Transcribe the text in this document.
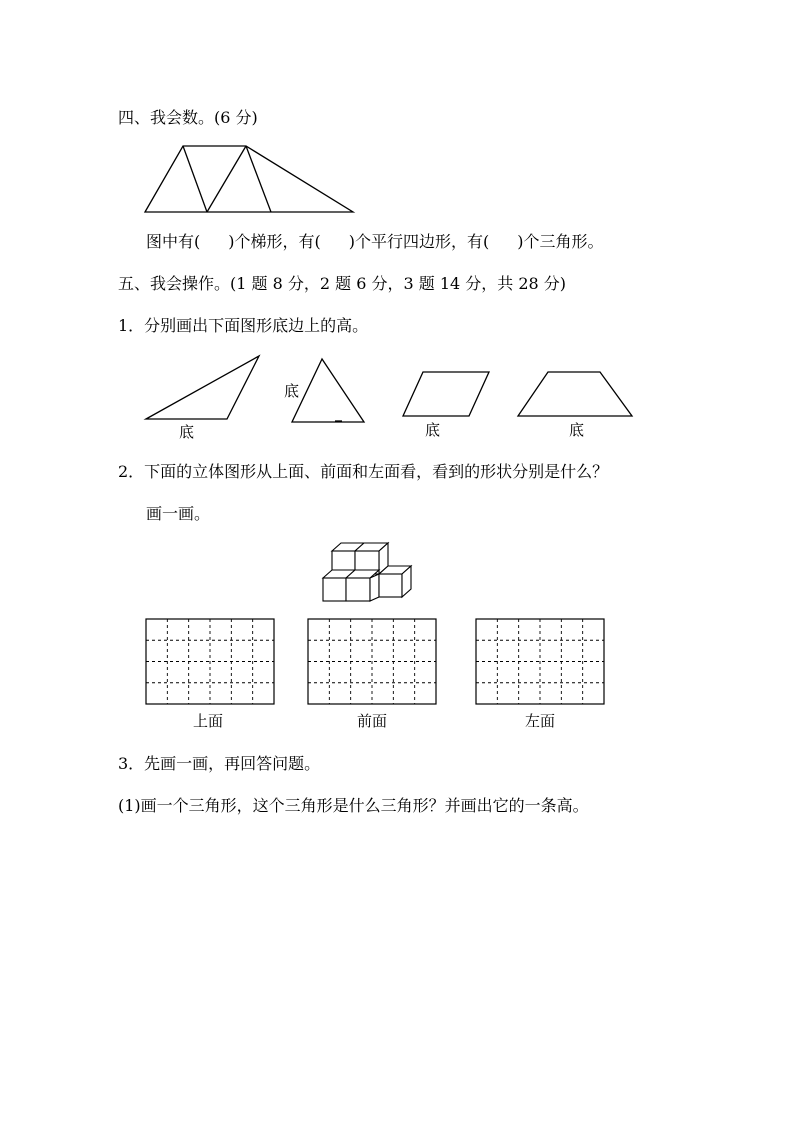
四、我会数。(6 分)
图中有( )个梯形，有( )个平行四边形，有( )个三角形。
五、我会操作。(1 题 8 分，2 题 6 分，3 题 14 分，共 28 分)
1．分别画出下面图形底边上的高。
底
底
底	底
2．下面的立体图形从上面、前面和左面看，看到的形状分别是什么？
画一画。
上面	前面	左面
3．先画一画，再回答问题。
(1)画一个三角形，这个三角形是什么三角形？并画出它的一条高。
